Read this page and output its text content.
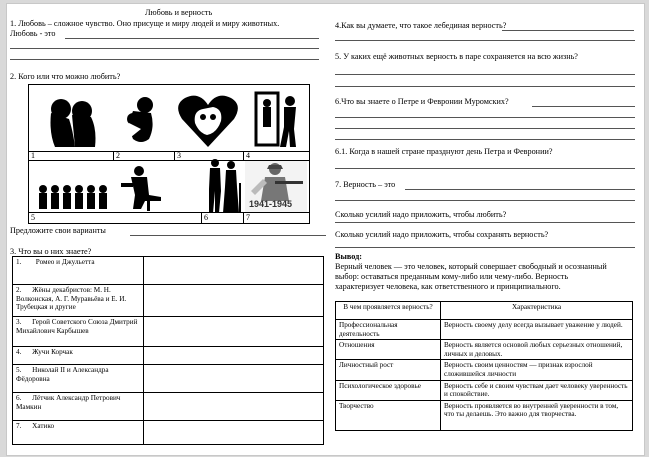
Любовь и верность
1. Любовь – сложное чувство. Оно присуще и миру людей и миру животных.
Любовь - это
2. Кого или что можно любить?
1	2	3	4
5	6	7
1941-1945
Предложите свои варианты
3. Что вы о них знаете?
1. Ромео и Джульетта	
2. Жёны декабристов: М. Н. Волконская, А. Г. Муравьёва и Е. И. Трубецкая и другие	
3. Герой Советского Союза Дмитрий Михайлович Карбышев	
4. Жучи Корчак	
5. Николай II и Александра Фёдоровна	
6. Лётчик Александр Петрович Мамкин	
7. Хатико	
4.Как вы думаете, что такое лебединая верность?
5. У каких ещё животных верность в паре сохраняется на всю жизнь?
6.Что вы знаете о Петре и Февронии Муромских?
6.1. Когда в нашей стране празднуют день Петра и Февронии?
7. Верность – это
Сколько усилий надо приложить, чтобы любить?
Сколько усилий надо приложить, чтобы сохранять верность?
Вывод:
Верный человек — это человек, который совершает свободный и осознанный
выбор: оставаться преданным кому-либо или чему-либо. Верность
характеризует человека, как ответственного и принципиального.
В чем проявляется верность?	Характеристика
Профессиональная деятельность	Верность своему делу всегда вызывает уважение у людей.
Отношения	Верность является основой любых серьезных отношений, личных и деловых.
Личностный рост	Верность своим ценностям — признак взрослой сложившейся личности
Психологическое здоровье	Верность себе и своим чувствам дает человеку уверенность и спокойствие.
Творчество	Верность проявляется во внутренней уверенности в том, что ты делаешь. Это важно для творчества.
